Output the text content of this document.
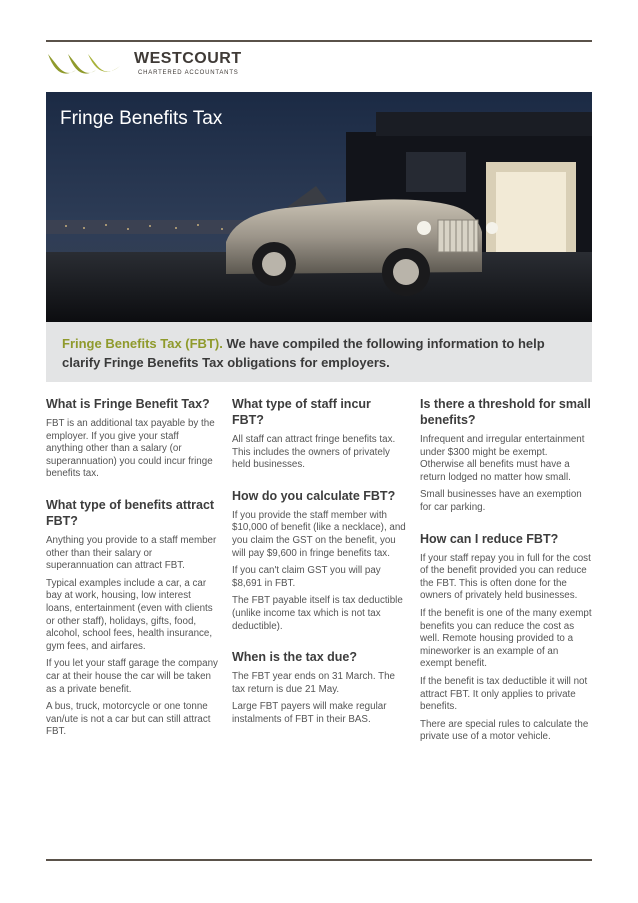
WESTCOURT
CHARTERED ACCOUNTANTS
Fringe Benefits Tax

Fringe Benefits Tax (FBT). We have compiled the following information to help clarify Fringe Benefits Tax obligations for employers.

What is Fringe Benefit Tax?

FBT is an additional tax payable by the employer. If you give your staff anything other than a salary (or superannuation) you could incur fringe benefits tax.

What type of benefits attract FBT?

Anything you provide to a staff member other than their salary or superannuation can attract FBT.

Typical examples include a car, a car bay at work, housing, low interest loans, entertainment (even with clients or other staff), holidays, gifts, food, alcohol, school fees, health insurance, gym fees, and airfares.

If you let your staff garage the company car at their house the car will be taken as a private benefit.

A bus, truck, motorcycle or one tonne van/ute is not a car but can still attract FBT.

What type of staff incur FBT?

All staff can attract fringe benefits tax. This includes the owners of privately held businesses.

How do you calculate FBT?

If you provide the staff member with $10,000 of benefit (like a necklace), and you claim the GST on the benefit, you will pay $9,600 in fringe benefits tax.

If you can't claim GST you will pay $8,691 in FBT.

The FBT payable itself is tax deductible (unlike income tax which is not tax deductible).

When is the tax due?

The FBT year ends on 31 March. The tax return is due 21 May.

Large FBT payers will make regular instalments of FBT in their BAS.

Is there a threshold for small benefits?

Infrequent and irregular entertainment under $300 might be exempt. Otherwise all benefits must have a return lodged no matter how small.

Small businesses have an exemption for car parking.

How can I reduce FBT?

If your staff repay you in full for the cost of the benefit provided you can reduce the FBT. This is often done for the owners of privately held businesses.

If the benefit is one of the many exempt benefits you can reduce the cost as well. Remote housing provided to a mineworker is an example of an exempt benefit.

If the benefit is tax deductible it will not attract FBT. It only applies to private benefits.

There are special rules to calculate the private use of a motor vehicle.
